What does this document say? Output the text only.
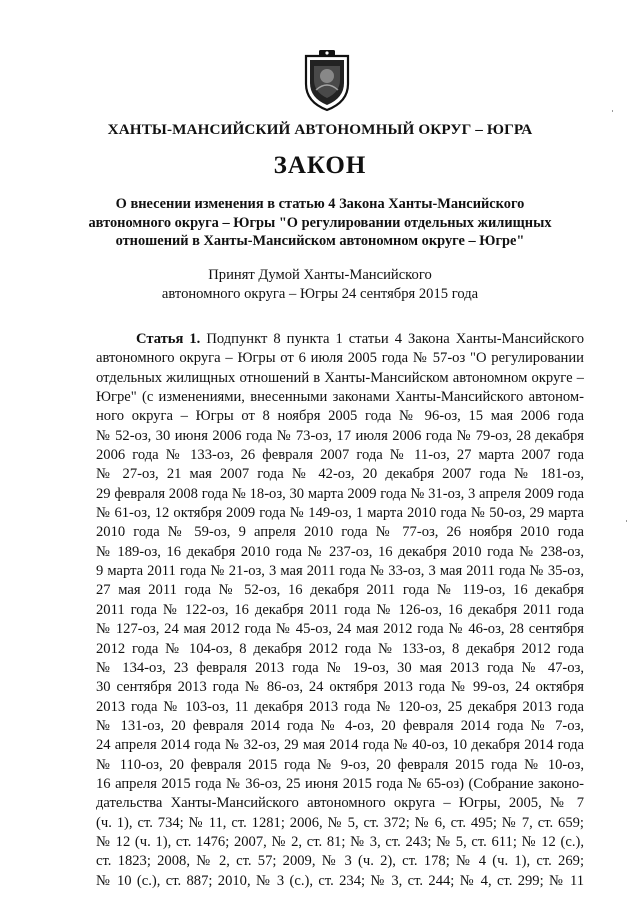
ХАНТЫ-МАНСИЙСКИЙ АВТОНОМНЫЙ ОКРУГ – ЮГРА
ЗАКОН
О внесении изменения в статью 4 Закона Ханты-Мансийского
автономного округа – Югры "О регулировании отдельных жилищных
отношений в Ханты-Мансийском автономном округе – Югре"
Принят Думой Ханты-Мансийского
автономного округа – Югры 24 сентября 2015 года
Статья 1. Подпункт 8 пункта 1 статьи 4 Закона Ханты-Мансийского
автономного округа – Югры от 6 июля 2005 года № 57-оз "О регулировании
отдельных жилищных отношений в Ханты-Мансийском автономном округе –
Югре" (с изменениями, внесенными законами Ханты-Мансийского автоном-
ного округа – Югры от 8 ноября 2005 года № 96-оз, 15 мая 2006 года
№ 52-оз, 30 июня 2006 года № 73-оз, 17 июля 2006 года № 79-оз, 28 декабря
2006 года № 133-оз, 26 февраля 2007 года № 11-оз, 27 марта 2007 года
№ 27-оз, 21 мая 2007 года № 42-оз, 20 декабря 2007 года № 181-оз,
29 февраля 2008 года № 18-оз, 30 марта 2009 года № 31-оз, 3 апреля 2009 года
№ 61-оз, 12 октября 2009 года № 149-оз, 1 марта 2010 года № 50-оз, 29 марта
2010 года № 59-оз, 9 апреля 2010 года № 77-оз, 26 ноября 2010 года
№ 189-оз, 16 декабря 2010 года № 237-оз, 16 декабря 2010 года № 238-оз,
9 марта 2011 года № 21-оз, 3 мая 2011 года № 33-оз, 3 мая 2011 года № 35-оз,
27 мая 2011 года № 52-оз, 16 декабря 2011 года № 119-оз, 16 декабря
2011 года № 122-оз, 16 декабря 2011 года № 126-оз, 16 декабря 2011 года
№ 127-оз, 24 мая 2012 года № 45-оз, 24 мая 2012 года № 46-оз, 28 сентября
2012 года № 104-оз, 8 декабря 2012 года № 133-оз, 8 декабря 2012 года
№ 134-оз, 23 февраля 2013 года № 19-оз, 30 мая 2013 года № 47-оз,
30 сентября 2013 года № 86-оз, 24 октября 2013 года № 99-оз, 24 октября
2013 года № 103-оз, 11 декабря 2013 года № 120-оз, 25 декабря 2013 года
№ 131-оз, 20 февраля 2014 года № 4-оз, 20 февраля 2014 года № 7-оз,
24 апреля 2014 года № 32-оз, 29 мая 2014 года № 40-оз, 10 декабря 2014 года
№ 110-оз, 20 февраля 2015 года № 9-оз, 20 февраля 2015 года № 10-оз,
16 апреля 2015 года № 36-оз, 25 июня 2015 года № 65-оз) (Собрание законо-
дательства Ханты-Мансийского автономного округа – Югры, 2005, № 7
(ч. 1), ст. 734; № 11, ст. 1281; 2006, № 5, ст. 372; № 6, ст. 495; № 7, ст. 659;
№ 12 (ч. 1), ст. 1476; 2007, № 2, ст. 81; № 3, ст. 243; № 5, ст. 611; № 12 (с.),
ст. 1823; 2008, № 2, ст. 57; 2009, № 3 (ч. 2), ст. 178; № 4 (ч. 1), ст. 269;
№ 10 (с.), ст. 887; 2010, № 3 (с.), ст. 234; № 3, ст. 244; № 4, ст. 299; № 11
